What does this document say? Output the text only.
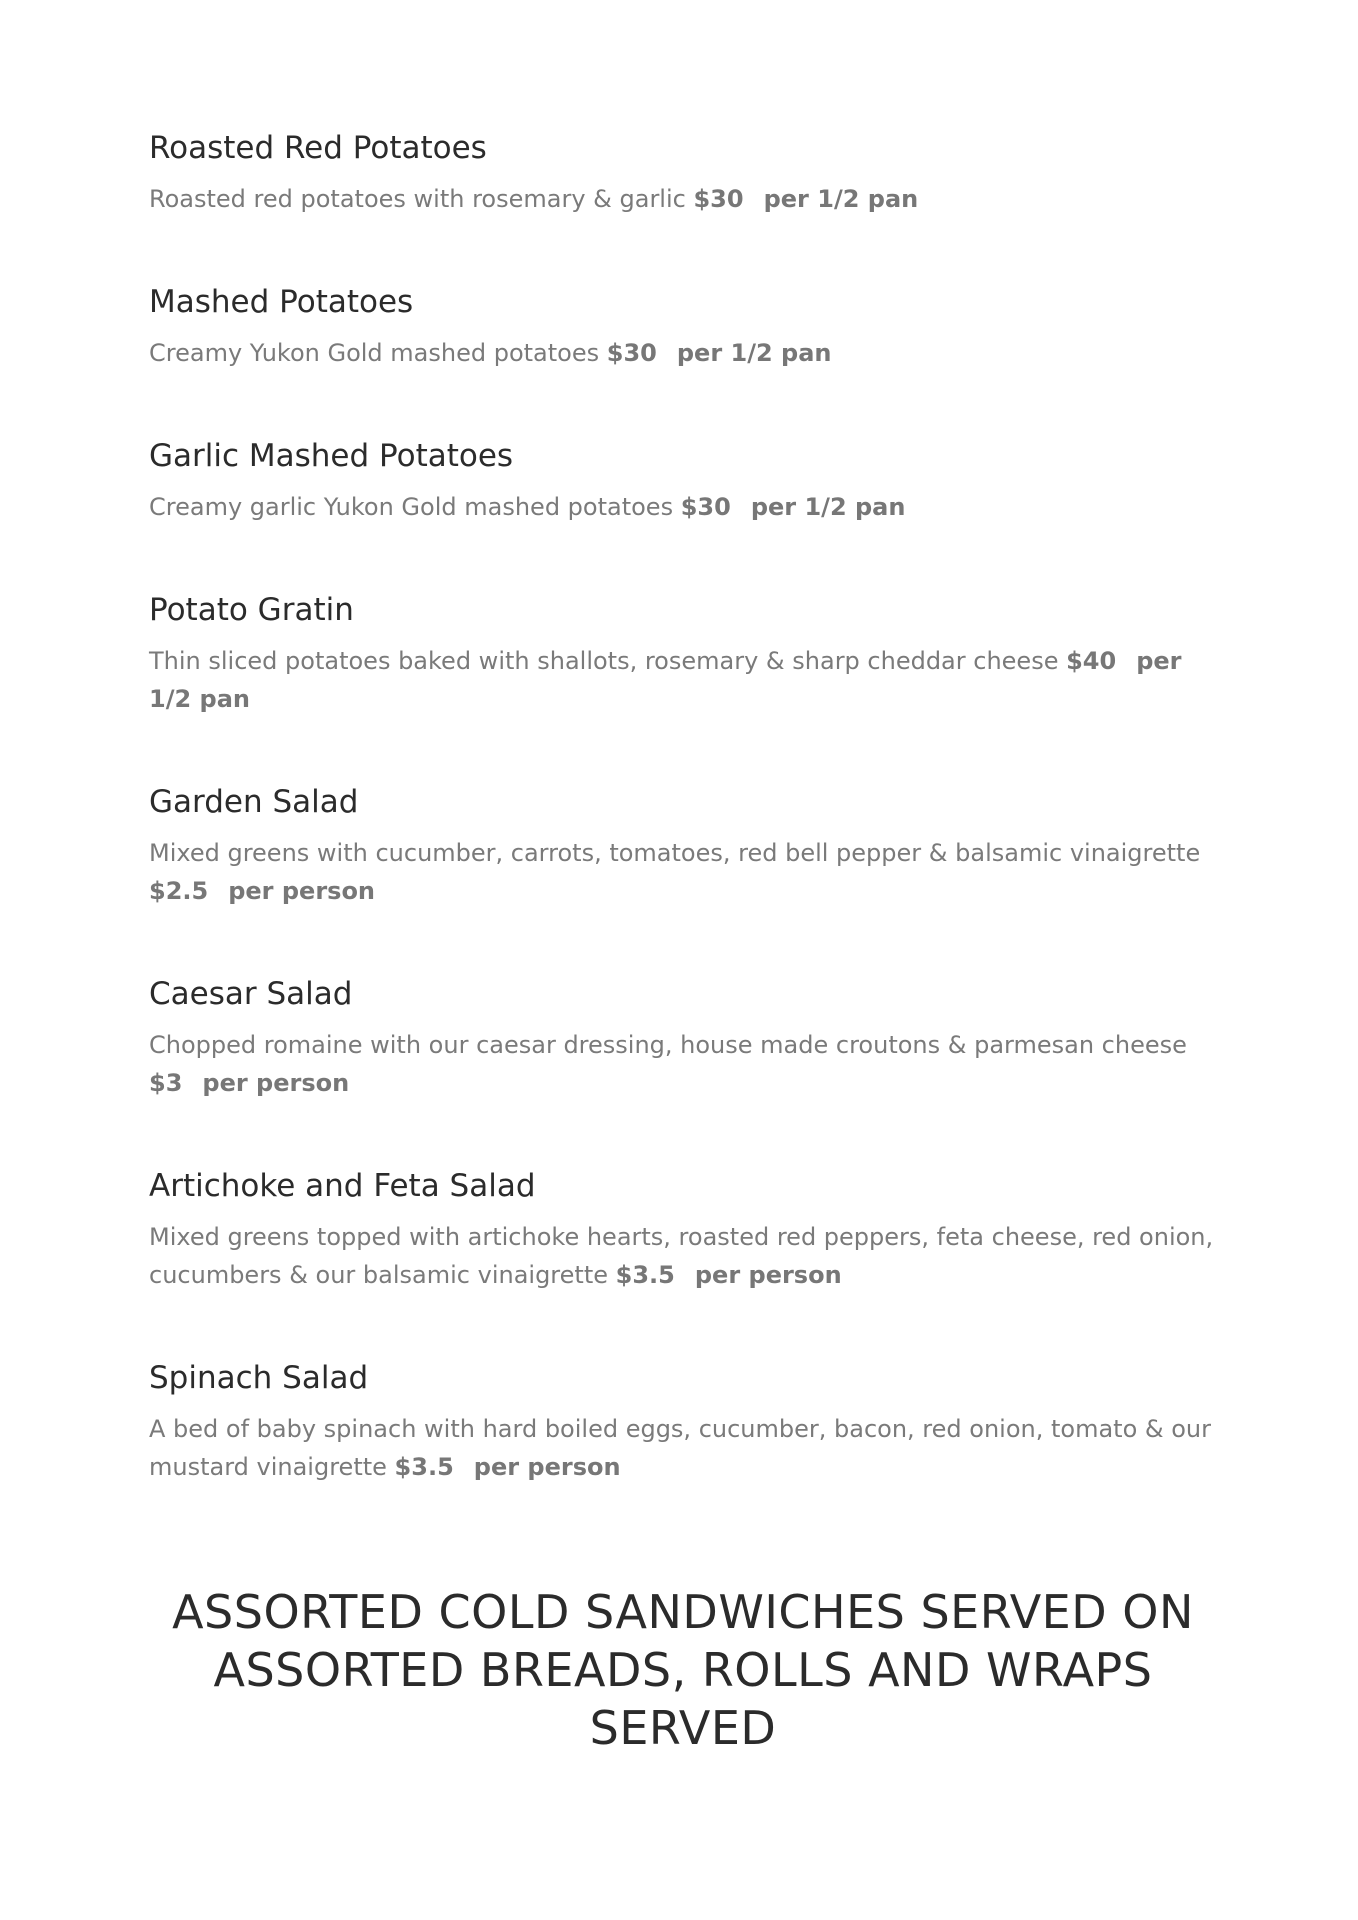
Roasted Red Potatoes

Roasted red potatoes with rosemary & garlic $30 per 1/2 pan

Mashed Potatoes

Creamy Yukon Gold mashed potatoes $30 per 1/2 pan

Garlic Mashed Potatoes

Creamy garlic Yukon Gold mashed potatoes $30 per 1/2 pan

Potato Gratin

Thin sliced potatoes baked with shallots, rosemary & sharp cheddar cheese $40 per 1/2 pan

Garden Salad

Mixed greens with cucumber, carrots, tomatoes, red bell pepper & balsamic vinaigrette $2.5 per person

Caesar Salad

Chopped romaine with our caesar dressing, house made croutons & parmesan cheese $3 per person

Artichoke and Feta Salad

Mixed greens topped with artichoke hearts, roasted red peppers, feta cheese, red onion, cucumbers & our balsamic vinaigrette $3.5 per person

Spinach Salad

A bed of baby spinach with hard boiled eggs, cucumber, bacon, red onion, tomato & our mustard vinaigrette $3.5 per person

ASSORTED COLD SANDWICHES SERVED ON ASSORTED BREADS, ROLLS AND WRAPS SERVED
